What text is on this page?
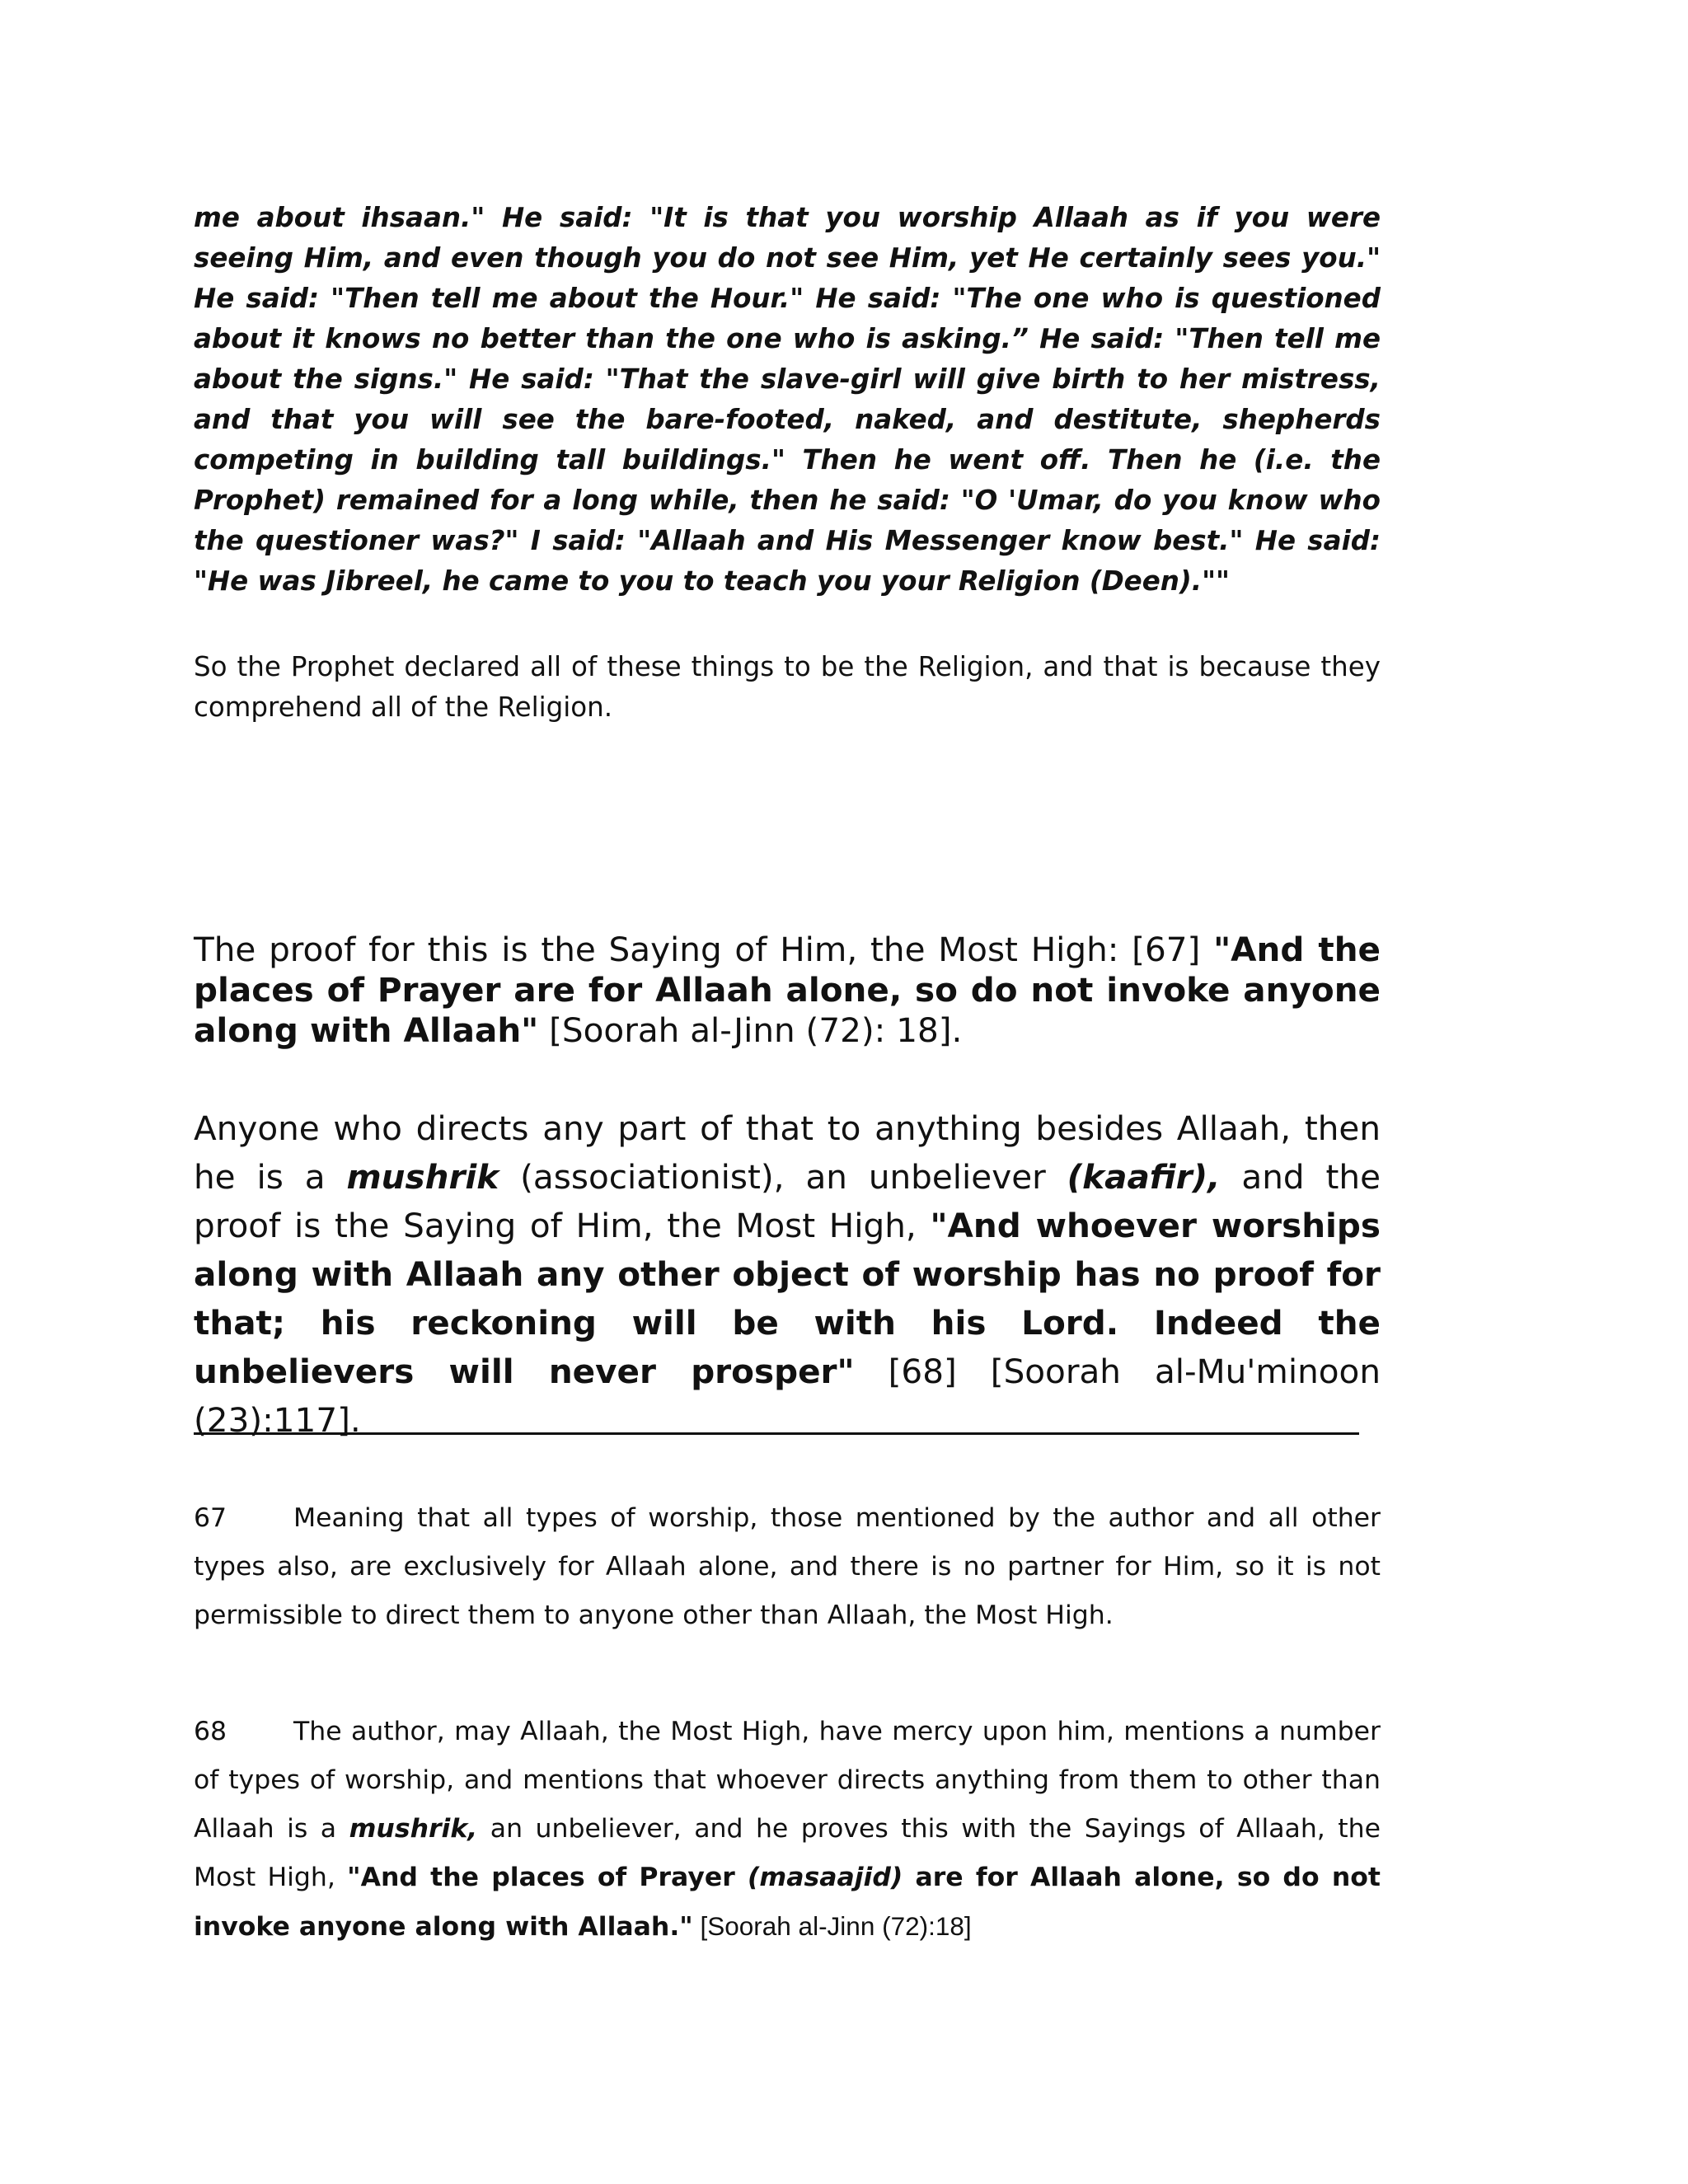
me about ihsaan." He said: "It is that you worship Allaah as if you were seeing Him, and even though you do not see Him, yet He certainly sees you." He said: "Then tell me about the Hour." He said: "The one who is questioned about it knows no better than the one who is asking.” He said: "Then tell me about the signs." He said: "That the slave-girl will give birth to her mistress, and that you will see the bare-footed, naked, and destitute, shepherds competing in building tall buildings." Then he went off. Then he (i.e. the Prophet) remained for a long while, then he said: "O 'Umar, do you know who the questioner was?" I said: "Allaah and His Messenger know best." He said: "He was Jibreel, he came to you to teach you your Religion (Deen).""

So the Prophet declared all of these things to be the Religion, and that is because they comprehend all of the Religion.

The proof for this is the Saying of Him, the Most High: [67] "And the places of Prayer are for Allaah alone, so do not invoke anyone along with Allaah" [Soorah al-Jinn (72): 18].

Anyone who directs any part of that to anything besides Allaah, then he is a mushrik (associationist), an unbeliever (kaafir), and the proof is the Saying of Him, the Most High, "And whoever worships along with Allaah any other object of worship has no proof for that; his reckoning will be with his Lord. Indeed the unbelievers will never prosper" [68] [Soorah al-Mu'minoon (23):117].

67	Meaning that all types of worship, those mentioned by the author and all other types also, are exclusively for Allaah alone, and there is no partner for Him, so it is not permissible to direct them to anyone other than Allaah, the Most High.

68	The author, may Allaah, the Most High, have mercy upon him, mentions a number of types of worship, and mentions that whoever directs anything from them to other than Allaah is a mushrik, an unbeliever, and he proves this with the Sayings of Allaah, the Most High, "And the places of Prayer (masaajid) are for Allaah alone, so do not invoke anyone along with Allaah." [Soorah al-Jinn (72):18]
